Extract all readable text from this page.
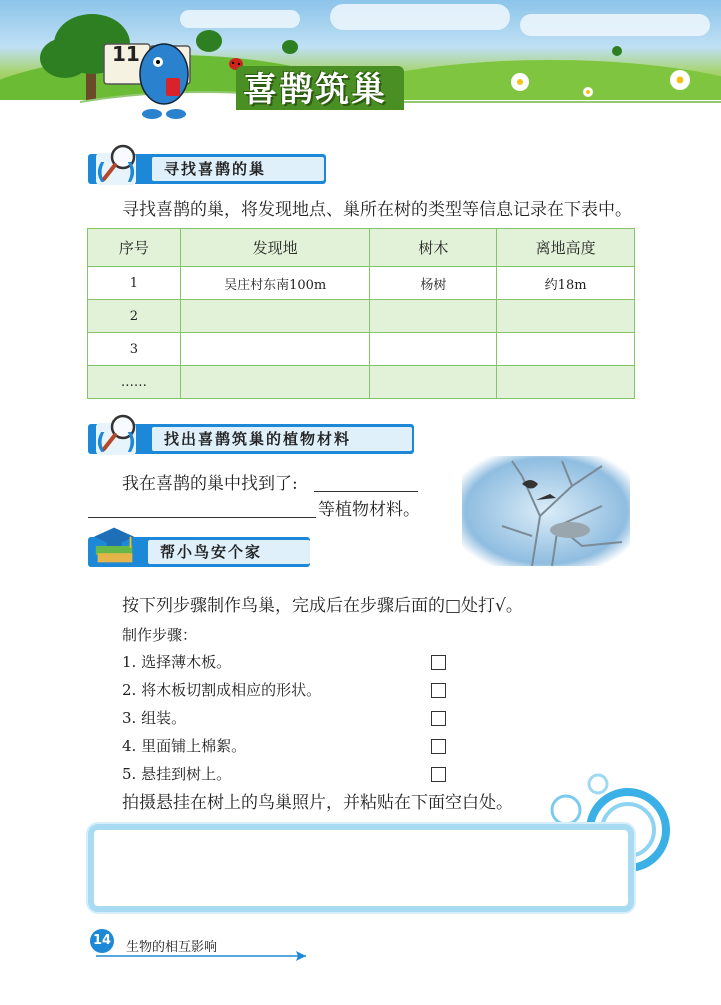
11
喜鹊筑巢
寻找喜鹊的巢
( )
寻找喜鹊的巢，将发现地点、巢所在树的类型等信息记录在下表中。
序号	发现地	树木	离地高度
1	吴庄村东南100m	杨树	约18m
2			
3			
……			
找出喜鹊筑巢的植物材料
( )
我在喜鹊的巢中找到了:
等植物材料。
帮小鸟安个家
按下列步骤制作鸟巢，完成后在步骤后面的□处打√。
制作步骤：
1. 选择薄木板。
2. 将木板切割成相应的形状。
3. 组装。
4. 里面铺上棉絮。
5. 悬挂到树上。
拍摄悬挂在树上的鸟巢照片，并粘贴在下面空白处。
14 生物的相互影响
